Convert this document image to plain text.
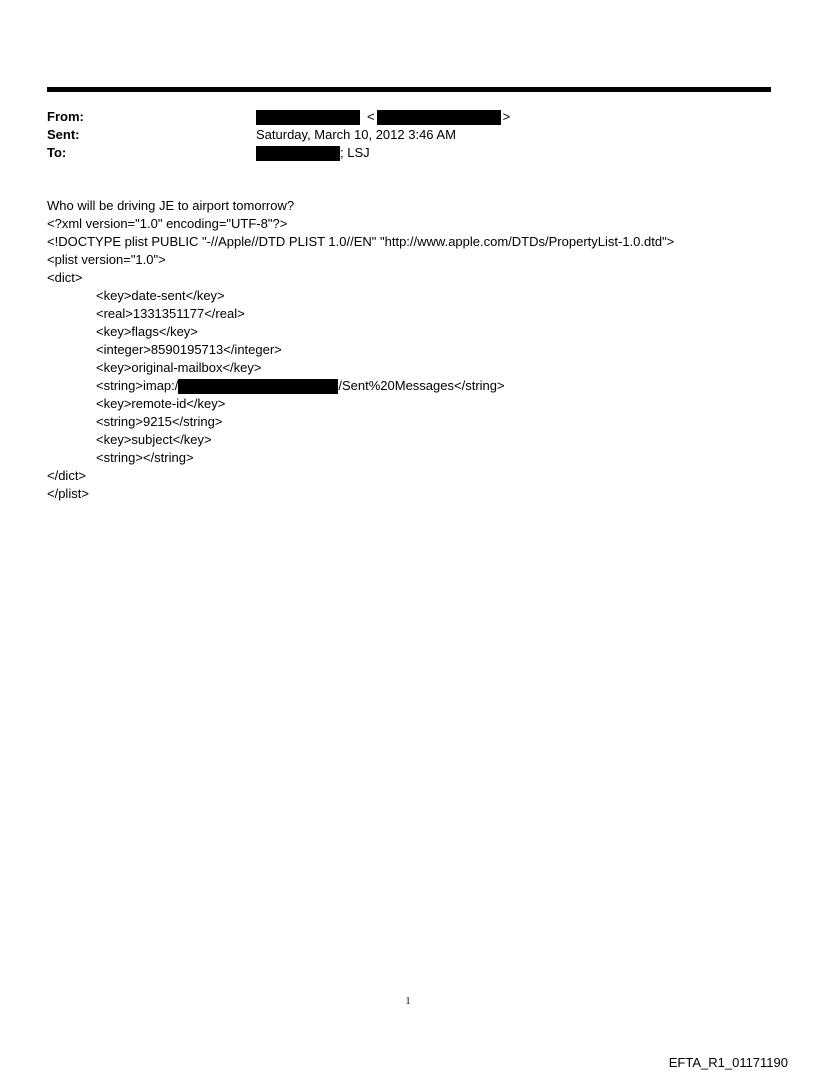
From:	<	>
Sent:	Saturday, March 10, 2012 3:46 AM
To:	; LSJ
Who will be driving JE to airport tomorrow?
<?xml version="1.0" encoding="UTF-8"?>
<!DOCTYPE plist PUBLIC "-//Apple//DTD PLIST 1.0//EN" "http://www.apple.com/DTDs/PropertyList-1.0.dtd">
<plist version="1.0">
<dict>
<key>date-sent</key>
<real>1331351177</real>
<key>flags</key>
<integer>8590195713</integer>
<key>original-mailbox</key>
<string>imap:/	/Sent%20Messages</string>
<key>remote-id</key>
<string>9215</string>
<key>subject</key>
<string></string>
</dict>
</plist>
1
EFTA_R1_01171190
